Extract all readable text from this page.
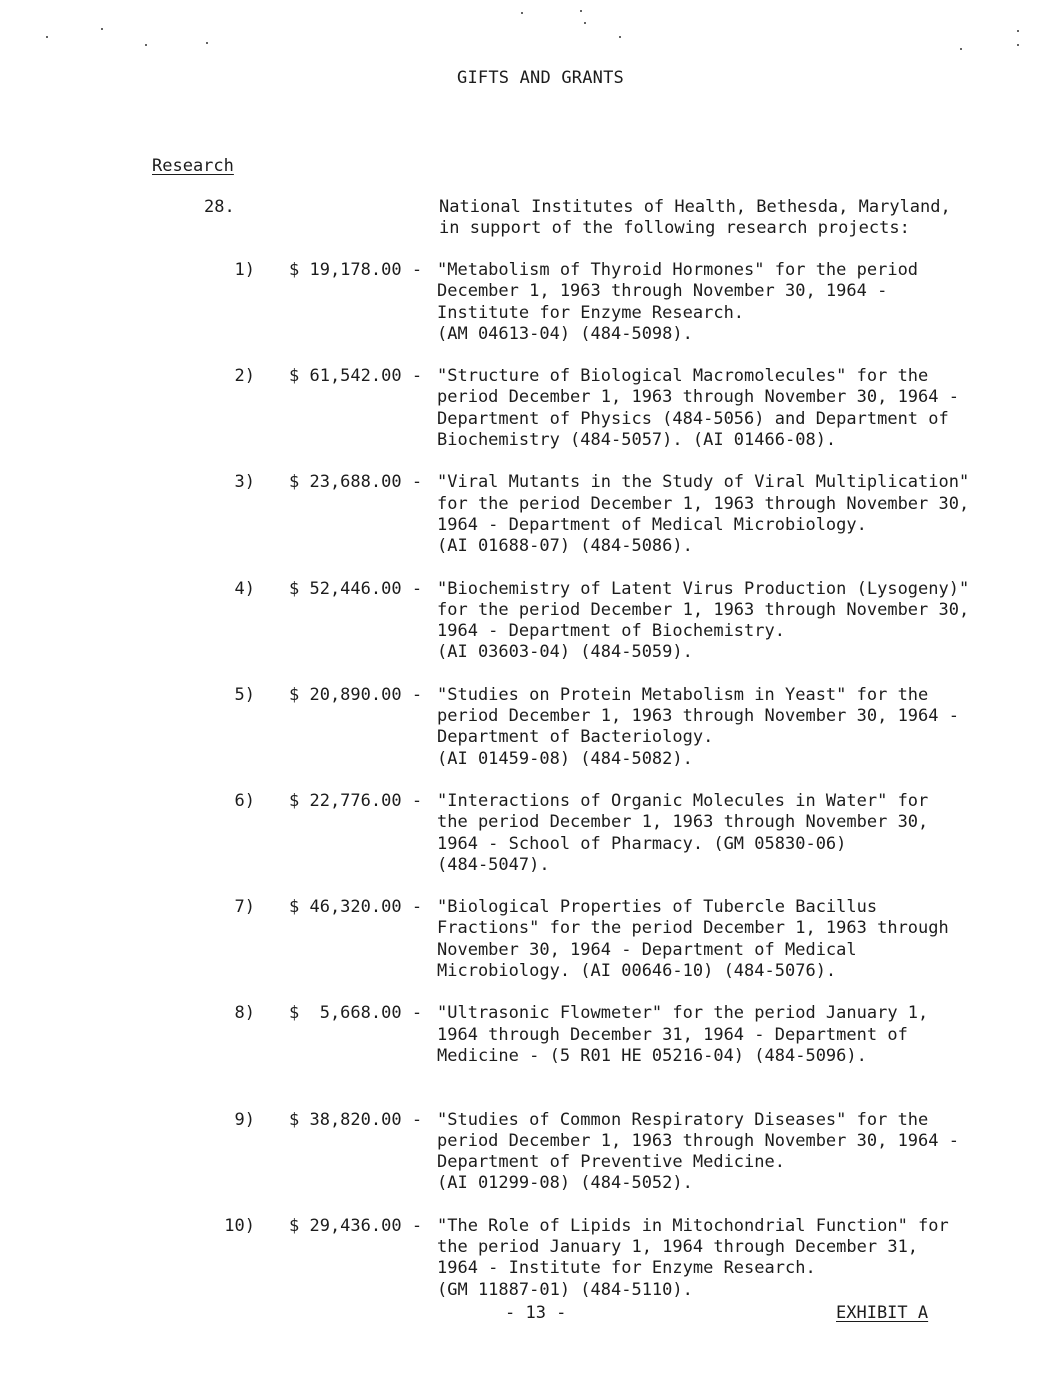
GIFTS AND GRANTS
Research
28.	National Institutes of Health, Bethesda, Maryland,
in support of the following research projects:
1) $ 19,178.00 - "Metabolism of Thyroid Hormones" for the period
December 1, 1963 through November 30, 1964 -
Institute for Enzyme Research.
(AM 04613-04) (484-5098).
2) $ 61,542.00 - "Structure of Biological Macromolecules" for the
period December 1, 1963 through November 30, 1964 -
Department of Physics (484-5056) and Department of
Biochemistry (484-5057). (AI 01466-08).
3) $ 23,688.00 - "Viral Mutants in the Study of Viral Multiplication"
for the period December 1, 1963 through November 30,
1964 - Department of Medical Microbiology.
(AI 01688-07) (484-5086).
4) $ 52,446.00 - "Biochemistry of Latent Virus Production (Lysogeny)"
for the period December 1, 1963 through November 30,
1964 - Department of Biochemistry.
(AI 03603-04) (484-5059).
5) $ 20,890.00 - "Studies on Protein Metabolism in Yeast" for the
period December 1, 1963 through November 30, 1964 -
Department of Bacteriology.
(AI 01459-08) (484-5082).
6) $ 22,776.00 - "Interactions of Organic Molecules in Water" for
the period December 1, 1963 through November 30,
1964 - School of Pharmacy. (GM 05830-06)
(484-5047).
7) $ 46,320.00 - "Biological Properties of Tubercle Bacillus
Fractions" for the period December 1, 1963 through
November 30, 1964 - Department of Medical
Microbiology. (AI 00646-10) (484-5076).
8) $  5,668.00 - "Ultrasonic Flowmeter" for the period January 1,
1964 through December 31, 1964 - Department of
Medicine - (5 R01 HE 05216-04) (484-5096).
9) $ 38,820.00 - "Studies of Common Respiratory Diseases" for the
period December 1, 1963 through November 30, 1964 -
Department of Preventive Medicine.
(AI 01299-08) (484-5052).
10) $ 29,436.00 - "The Role of Lipids in Mitochondrial Function" for
the period January 1, 1964 through December 31,
1964 - Institute for Enzyme Research.
(GM 11887-01) (484-5110).
- 13 -	EXHIBIT A
